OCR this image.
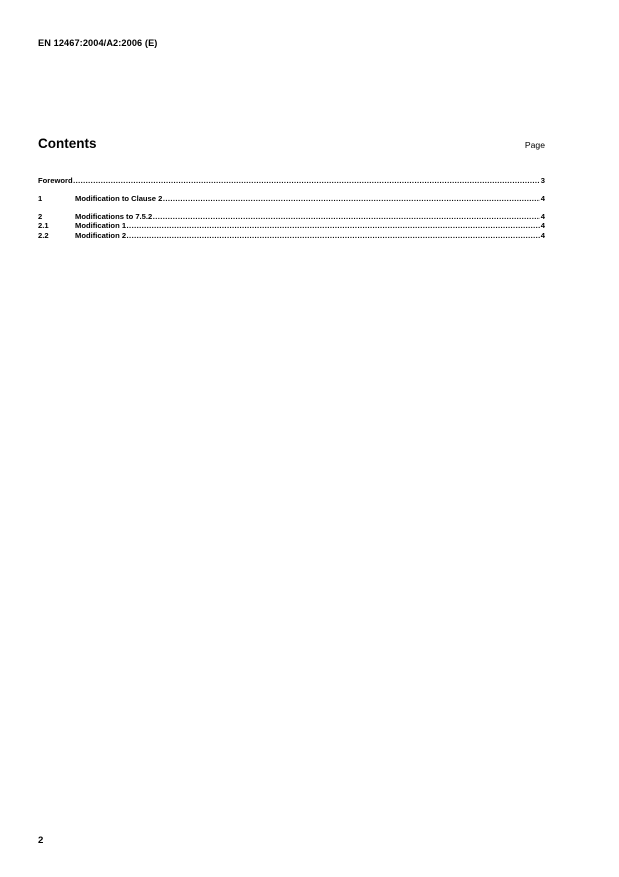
EN 12467:2004/A2:2006 (E)
Contents	Page
Foreword .....	3
1	Modification to Clause 2 .....	4
2	Modifications to 7.5.2 .....	4
2.1	Modification 1 .....	4
2.2	Modification 2 .....	4
2
